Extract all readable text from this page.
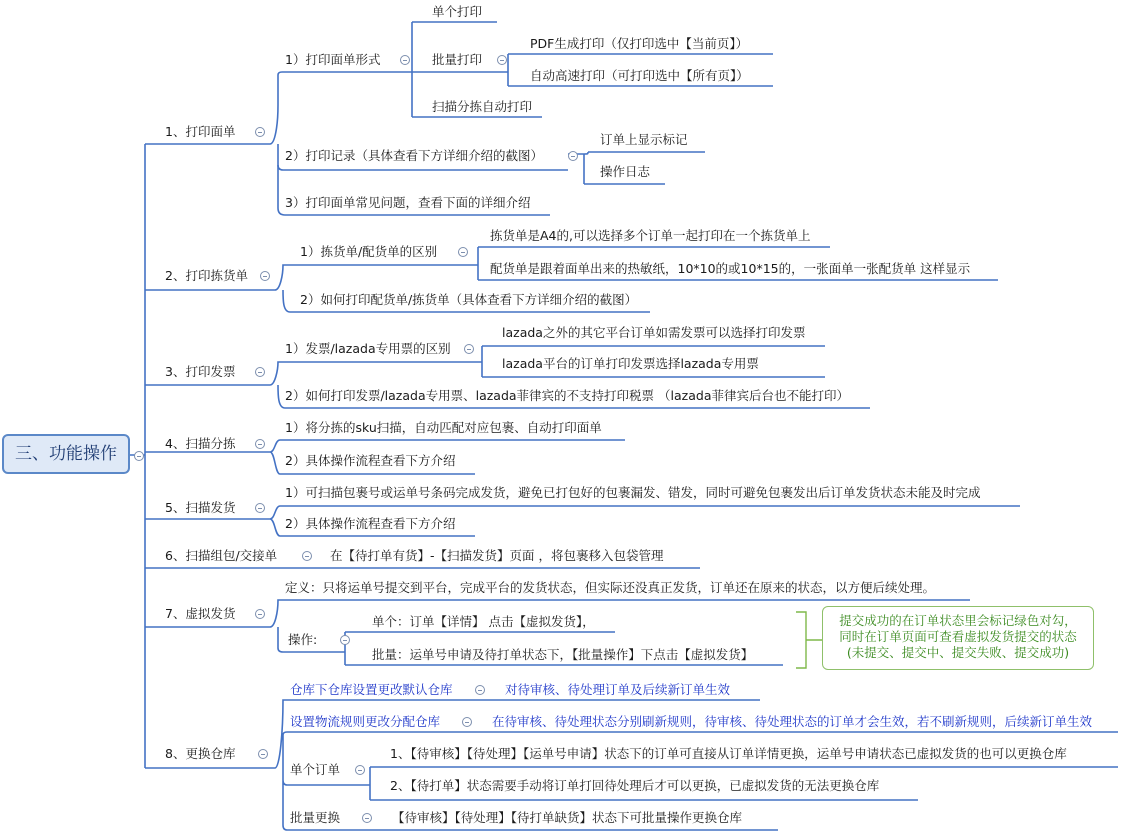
三、功能操作
1、打印面单
1）打印面单形式
单个打印
批量打印
PDF生成打印（仅打印选中【当前页】）
自动高速打印（可打印选中【所有页】）
扫描分拣自动打印
2）打印记录（具体查看下方详细介绍的截图）
订单上显示标记
操作日志
3）打印面单常见问题，查看下面的详细介绍
2、打印拣货单
1）拣货单/配货单的区别
拣货单是A4的,可以选择多个订单一起打印在一个拣货单上
配货单是跟着面单出来的热敏纸，10*10的或10*15的，一张面单一张配货单 这样显示
2）如何打印配货单/拣货单（具体查看下方详细介绍的截图）
3、打印发票
1）发票/lazada专用票的区别
lazada之外的其它平台订单如需发票可以选择打印发票
lazada平台的订单打印发票选择lazada专用票
2）如何打印发票/lazada专用票、lazada菲律宾的不支持打印税票 （lazada菲律宾后台也不能打印）
4、扫描分拣
1）将分拣的sku扫描，自动匹配对应包裹、自动打印面单
2）具体操作流程查看下方介绍
5、扫描发货
1）可扫描包裹号或运单号条码完成发货，避免已打包好的包裹漏发、错发，同时可避免包裹发出后订单发货状态未能及时完成
2）具体操作流程查看下方介绍
6、扫描组包/交接单	在【待打单有货】-【扫描发货】页面 ，将包裹移入包袋管理
7、虚拟发货
定义：只将运单号提交到平台，完成平台的发货状态，但实际还没真正发货，订单还在原来的状态，以方便后续处理。
操作:
单个：订单【详情】 点击【虚拟发货】，
批量：运单号申请及待打单状态下，【批量操作】下点击【虚拟发货】
提交成功的在订单状态里会标记绿色对勾，
同时在订单页面可查看虚拟发货提交的状态
(未提交、提交中、提交失败、提交成功)
8、更换仓库
仓库下仓库设置更改默认仓库	对待审核、待处理订单及后续新订单生效
设置物流规则更改分配仓库	在待审核、待处理状态分别刷新规则，待审核、待处理状态的订单才会生效，若不刷新规则，后续新订单生效
单个订单
1、【待审核】【待处理】【运单号申请】状态下的订单可直接从订单详情更换，运单号申请状态已虚拟发货的也可以更换仓库
2、【待打单】状态需要手动将订单打回待处理后才可以更换，已虚拟发货的无法更换仓库
批量更换	【待审核】【待处理】【待打单缺货】状态下可批量操作更换仓库
